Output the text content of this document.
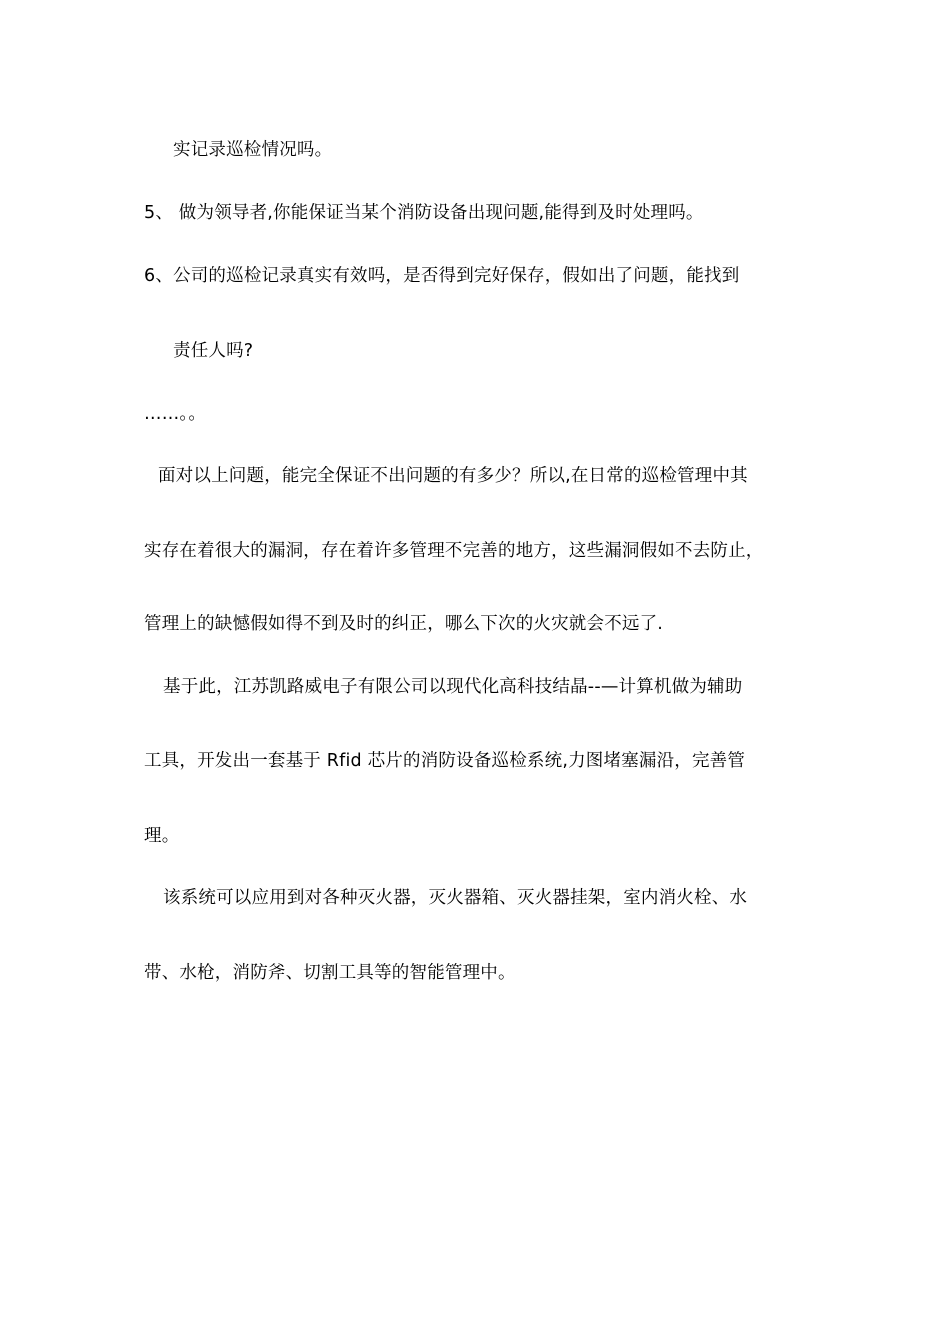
实记录巡检情况吗。
5、 做为领导者,你能保证当某个消防设备出现问题,能得到及时处理吗。
6、公司的巡检记录真实有效吗，是否得到完好保存，假如出了问题，能找到
责任人吗?
……。。
面对以上问题，能完全保证不出问题的有多少？所以,在日常的巡检管理中其
实存在着很大的漏洞，存在着许多管理不完善的地方，这些漏洞假如不去防止，
管理上的缺憾假如得不到及时的纠正，哪么下次的火灾就会不远了.
基于此，江苏凯路威电子有限公司以现代化高科技结晶--—计算机做为辅助
工具，开发出一套基于 Rfid 芯片的消防设备巡检系统,力图堵塞漏沿，完善管
理。
该系统可以应用到对各种灭火器，灭火器箱、灭火器挂架，室内消火栓、水
带、水枪，消防斧、切割工具等的智能管理中。
